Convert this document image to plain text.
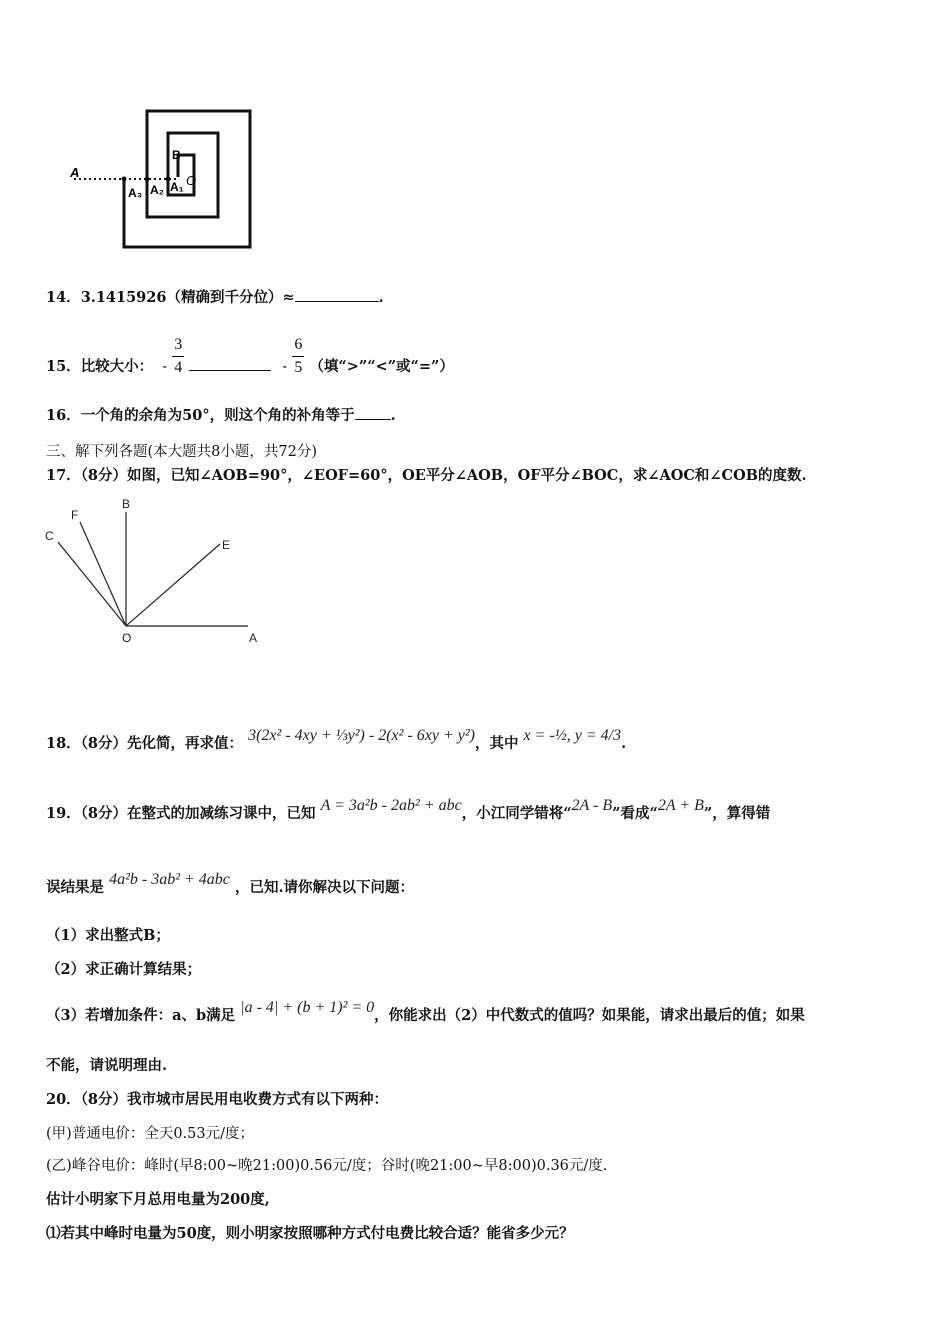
A
A₃ A₂ A₁ O
B
14．3.1415926（精确到千分位）≈	.
15．比较大小： - $\frac{3}{4}$	- $\frac{6}{5}$ （填“>”“<”或“=”）
16．一个角的余角为50°，则这个角的补角等于 .
三、解下列各题(本大题共8小题，共72分)
17．（8分）如图，已知∠AOB=90°，∠EOF=60°，OE平分∠AOB，OF平分∠BOC，求∠AOC和∠COB的度数.
C
F
B
E
O	A
18．（8分）先化简，再求值： 3(2x² - 4xy + ⅓y²) - 2(x² - 6xy + y²)，其中 x = -½, y = 4/3.
19．（8分）在整式的加减练习课中，已知 A = 3a²b - 2ab² + abc，小江同学错将“2A - B”看成“2A + B”，算得错
误结果是 4a²b - 3ab² + 4abc ，已知.请你解决以下问题：
（1）求出整式B；
（2）求正确计算结果；
（3）若增加条件：a、b满足 |a - 4| + (b + 1)² = 0，你能求出（2）中代数式的值吗？如果能，请求出最后的值；如果
不能，请说明理由.
20．（8分）我市城市居民用电收费方式有以下两种：
(甲)普通电价：全天0.53元/度；
(乙)峰谷电价：峰时(早8:00~晚21:00)0.56元/度；谷时(晚21:00~早8:00)0.36元/度.
估计小明家下月总用电量为200度,
⑴若其中峰时电量为50度，则小明家按照哪种方式付电费比较合适？能省多少元？
